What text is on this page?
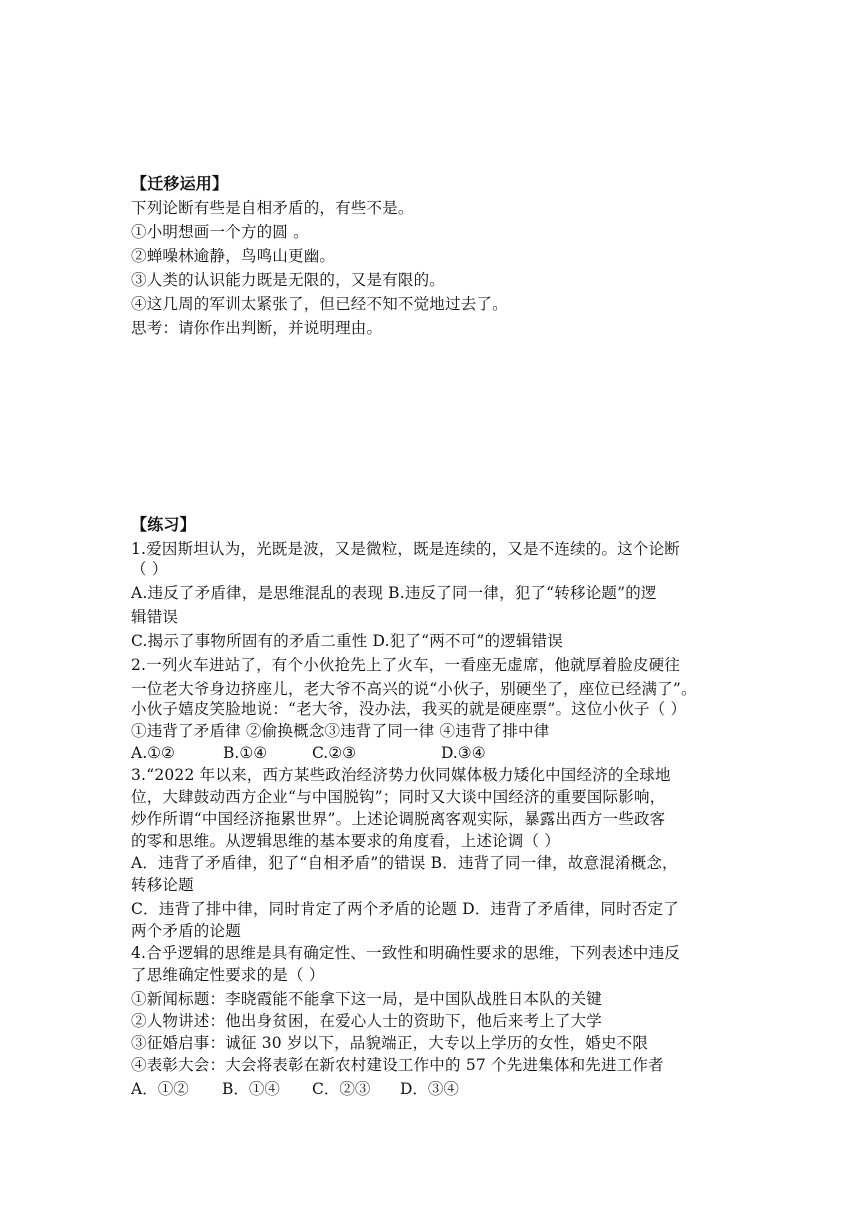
【迁移运用】
下列论断有些是自相矛盾的，有些不是。
①小明想画一个方的圆 。
②蝉噪林逾静，鸟鸣山更幽。
③人类的认识能力既是无限的，又是有限的。
④这几周的军训太紧张了，但已经不知不觉地过去了。
思考：请你作出判断，并说明理由。
【练习】
1.爱因斯坦认为，光既是波，又是微粒，既是连续的，又是不连续的。这个论断
（ ）
A.违反了矛盾律，是思维混乱的表现 B.违反了同一律，犯了“转移论题”的逻
辑错误
C.揭示了事物所固有的矛盾二重性 D.犯了“两不可”的逻辑错误
2.一列火车进站了，有个小伙抢先上了火车，一看座无虚席，他就厚着脸皮硬往
一位老大爷身边挤座儿，老大爷不高兴的说“小伙子，别硬坐了，座位已经满了”。
小伙子嬉皮笑脸地说：“老大爷，没办法，我买的就是硬座票”。这位小伙子（ ）
①违背了矛盾律 ②偷换概念③违背了同一律 ④违背了排中律
A.①②	B.①④	C.②③	D.③④
3.“2022 年以来，西方某些政治经济势力伙同媒体极力矮化中国经济的全球地
位，大肆鼓动西方企业“与中国脱钩”；同时又大谈中国经济的重要国际影响，
炒作所谓“中国经济拖累世界”。上述论调脱离客观实际，暴露出西方一些政客
的零和思维。从逻辑思维的基本要求的角度看，上述论调（ ）
A．违背了矛盾律，犯了“自相矛盾”的错误 B．违背了同一律，故意混淆概念，
转移论题
C．违背了排中律，同时肯定了两个矛盾的论题 D．违背了矛盾律，同时否定了
两个矛盾的论题
4.合乎逻辑的思维是具有确定性、一致性和明确性要求的思维，下列表述中违反
了思维确定性要求的是（ ）
①新闻标题：李晓霞能不能拿下这一局，是中国队战胜日本队的关键
②人物讲述：他出身贫困，在爱心人士的资助下，他后来考上了大学
③征婚启事：诚征 30 岁以下，品貌端正，大专以上学历的女性，婚史不限
④表彰大会：大会将表彰在新农村建设工作中的 57 个先进集体和先进工作者
A．①② B．①④ C．②③ D．③④
